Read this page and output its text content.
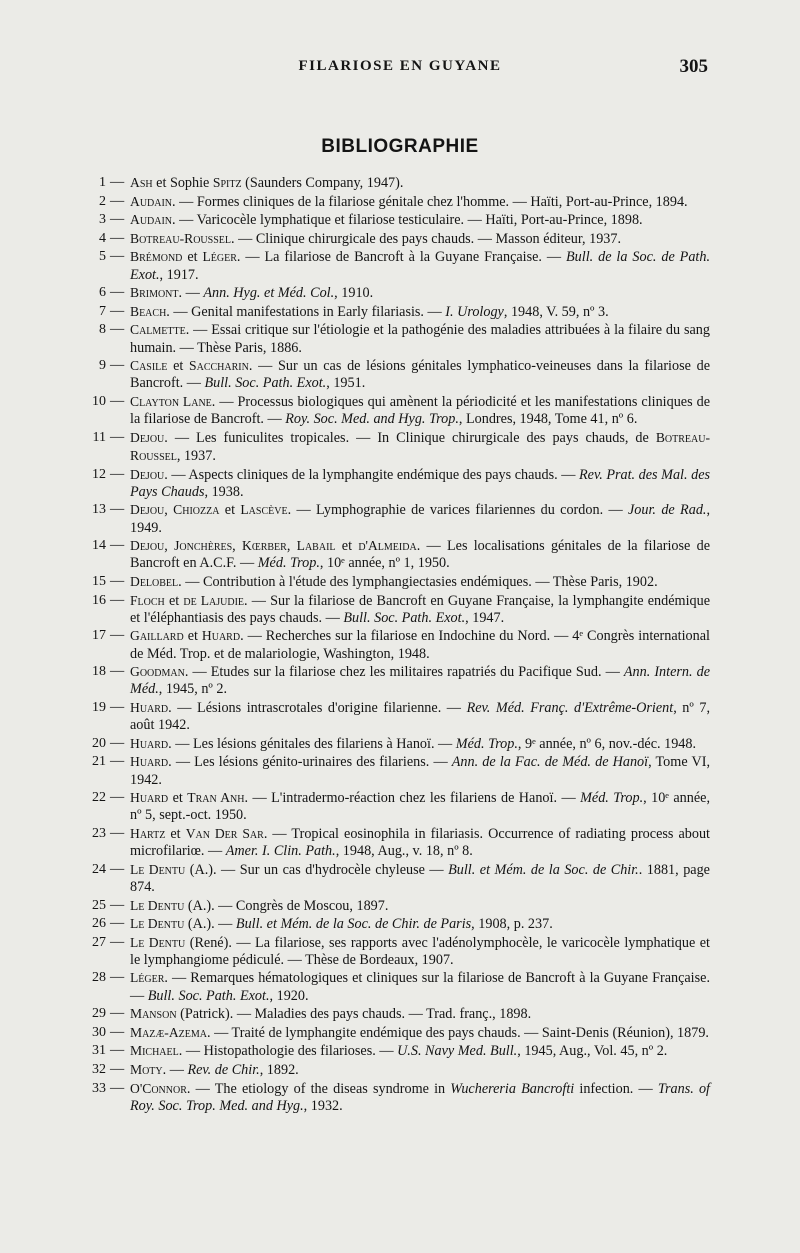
FILARIOSE EN GUYANE	305
BIBLIOGRAPHIE
1 — Ash et Sophie Spitz (Saunders Company, 1947).
2 — Audain. — Formes cliniques de la filariose génitale chez l'homme. — Haïti, Port-au-Prince, 1894.
3 — Audain. — Varicocèle lymphatique et filariose testiculaire. — Haïti, Port-au-Prince, 1898.
4 — Botreau-Roussel. — Clinique chirurgicale des pays chauds. — Masson éditeur, 1937.
5 — Brémond et Léger. — La filariose de Bancroft à la Guyane Française. — Bull. de la Soc. de Path. Exot., 1917.
6 — Brimont. — Ann. Hyg. et Méd. Col., 1910.
7 — Beach. — Genital manifestations in Early filariasis. — I. Urology, 1948, V. 59, nº 3.
8 — Calmette. — Essai critique sur l'étiologie et la pathogénie des maladies attribuées à la filaire du sang humain. — Thèse Paris, 1886.
9 — Casile et Saccharin. — Sur un cas de lésions génitales lymphatico-veineuses dans la filariose de Bancroft. — Bull. Soc. Path. Exot., 1951.
10 — Clayton Lane. — Processus biologiques qui amènent la périodicité et les manifestations cliniques de la filariose de Bancroft. — Roy. Soc. Med. and Hyg. Trop., Londres, 1948, Tome 41, nº 6.
11 — Dejou. — Les funiculites tropicales. — In Clinique chirurgicale des pays chauds, de Botreau-Roussel, 1937.
12 — Dejou. — Aspects cliniques de la lymphangite endémique des pays chauds. — Rev. Prat. des Mal. des Pays Chauds, 1938.
13 — Dejou, Chiozza et Lascève. — Lymphographie de varices filariennes du cordon. — Jour. de Rad., 1949.
14 — Dejou, Jonchères, Kœrber, Labail et d'Almeida. — Les localisations génitales de la filariose de Bancroft en A.C.F. — Méd. Trop., 10ᵉ année, nº 1, 1950.
15 — Delobel. — Contribution à l'étude des lymphangiectasies endémiques. — Thèse Paris, 1902.
16 — Floch et de Lajudie. — Sur la filariose de Bancroft en Guyane Française, la lymphangite endémique et l'éléphantiasis des pays chauds. — Bull. Soc. Path. Exot., 1947.
17 — Gaillard et Huard. — Recherches sur la filariose en Indochine du Nord. — 4ᵉ Congrès international de Méd. Trop. et de malariologie, Washington, 1948.
18 — Goodman. — Etudes sur la filariose chez les militaires rapatriés du Pacifique Sud. — Ann. Intern. de Méd., 1945, nº 2.
19 — Huard. — Lésions intrascrotales d'origine filarienne. — Rev. Méd. Franç. d'Extrême-Orient, nº 7, août 1942.
20 — Huard. — Les lésions génitales des filariens à Hanoï. — Méd. Trop., 9ᵉ année, nº 6, nov.-déc. 1948.
21 — Huard. — Les lésions génito-urinaires des filariens. — Ann. de la Fac. de Méd. de Hanoï, Tome VI, 1942.
22 — Huard et Tran Anh. — L'intradermo-réaction chez les filariens de Hanoï. — Méd. Trop., 10ᵉ année, nº 5, sept.-oct. 1950.
23 — Hartz et Van Der Sar. — Tropical eosinophila in filariasis. Occurrence of radiating process about microfilariœ. — Amer. I. Clin. Path., 1948, Aug., v. 18, nº 8.
24 — Le Dentu (A.). — Sur un cas d'hydrocèle chyleuse — Bull. et Mém. de la Soc. de Chir.. 1881, page 874.
25 — Le Dentu (A.). — Congrès de Moscou, 1897.
26 — Le Dentu (A.). — Bull. et Mém. de la Soc. de Chir. de Paris, 1908, p. 237.
27 — Le Dentu (René). — La filariose, ses rapports avec l'adénolymphocèle, le varicocèle lymphatique et le lymphangiome pédiculé. — Thèse de Bordeaux, 1907.
28 — Léger. — Remarques hématologiques et cliniques sur la filariose de Bancroft à la Guyane Française. — Bull. Soc. Path. Exot., 1920.
29 — Manson (Patrick). — Maladies des pays chauds. — Trad. franç., 1898.
30 — Mazæ-Azema. — Traité de lymphangite endémique des pays chauds. — Saint-Denis (Réunion), 1879.
31 — Michael. — Histopathologie des filarioses. — U.S. Navy Med. Bull., 1945, Aug., Vol. 45, nº 2.
32 — Moty. — Rev. de Chir., 1892.
33 — O'Connor. — The etiology of the diseas syndrome in Wuchereria Bancrofti infection. — Trans. of Roy. Soc. Trop. Med. and Hyg., 1932.
